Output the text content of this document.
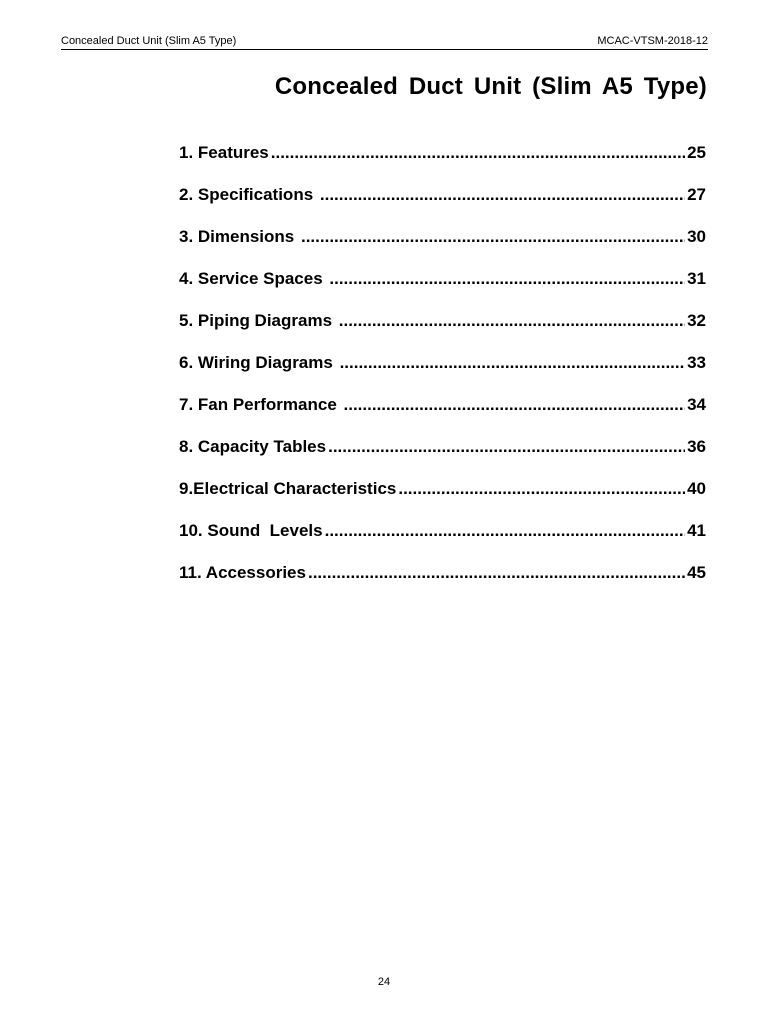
Concealed Duct Unit (Slim A5 Type)	MCAC-VTSM-2018-12
Concealed Duct Unit (Slim A5 Type)
1. Features .....	25
2. Specifications .....	27
3. Dimensions .....	30
4. Service Spaces .....	31
5. Piping Diagrams .....	32
6. Wiring Diagrams .....	33
7. Fan Performance .....	34
8. Capacity Tables .....	36
9.Electrical Characteristics .....	40
10. Sound  Levels .....	41
11. Accessories .....	45
24
